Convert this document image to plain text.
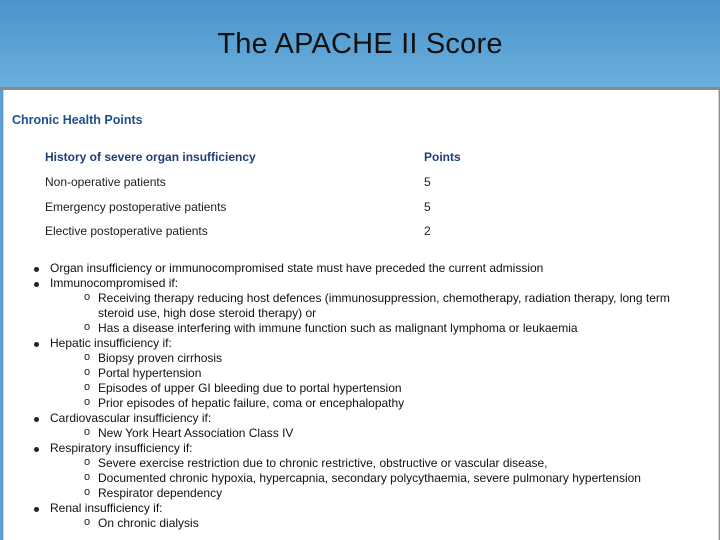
The APACHE II Score
Chronic Health Points
History of severe organ insufficiency	Points
Non-operative patients	5
Emergency postoperative patients	5
Elective postoperative patients	2
Organ insufficiency or immunocompromised state must have preceded the current admission
Immunocompromised if:
o Receiving therapy reducing host defences (immunosuppression, chemotherapy, radiation therapy, long term
steroid use, high dose steroid therapy) or
o Has a disease interfering with immune function such as malignant lymphoma or leukaemia
Hepatic insufficiency if:
o Biopsy proven cirrhosis
o Portal hypertension
o Episodes of upper GI bleeding due to portal hypertension
o Prior episodes of hepatic failure, coma or encephalopathy
Cardiovascular insufficiency if:
o New York Heart Association Class IV
Respiratory insufficiency if:
o Severe exercise restriction due to chronic restrictive, obstructive or vascular disease,
o Documented chronic hypoxia, hypercapnia, secondary polycythaemia, severe pulmonary hypertension
o Respirator dependency
Renal insufficiency if:
o On chronic dialysis
